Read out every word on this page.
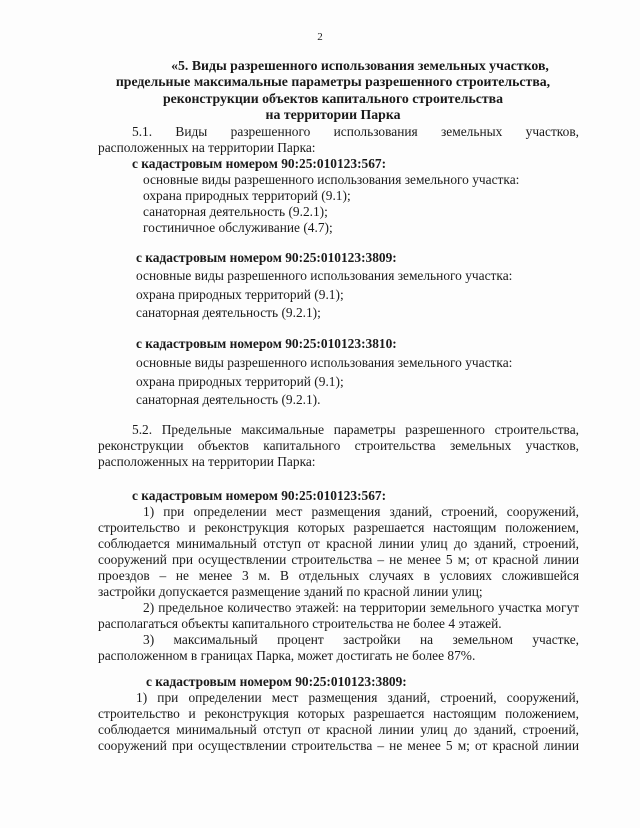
2
«5. Виды разрешенного использования земельных участков,
предельные максимальные параметры разрешенного строительства,
реконструкции объектов капитального строительства
на территории Парка
5.1. Виды разрешенного использования земельных участков,
расположенных на территории Парка:
с кадастровым номером 90:25:010123:567:
основные виды разрешенного использования земельного участка:
охрана природных территорий (9.1);
санаторная деятельность (9.2.1);
гостиничное обслуживание (4.7);
с кадастровым номером 90:25:010123:3809:
основные виды разрешенного использования земельного участка:
охрана природных территорий (9.1);
санаторная деятельность (9.2.1);
с кадастровым номером 90:25:010123:3810:
основные виды разрешенного использования земельного участка:
охрана природных территорий (9.1);
санаторная деятельность (9.2.1).
5.2. Предельные максимальные параметры разрешенного строительства,
реконструкции объектов капитального строительства земельных участков,
расположенных на территории Парка:
с кадастровым номером 90:25:010123:567:
1) при определении мест размещения зданий, строений, сооружений,
строительство и реконструкция которых разрешается настоящим положением,
соблюдается минимальный отступ от красной линии улиц до зданий, строений,
сооружений при осуществлении строительства – не менее 5 м; от красной линии
проездов – не менее 3 м. В отдельных случаях в условиях сложившейся
застройки допускается размещение зданий по красной линии улиц;
2) предельное количество этажей: на территории земельного участка могут
располагаться объекты капитального строительства не более 4 этажей.
3) максимальный процент застройки на земельном участке,
расположенном в границах Парка, может достигать не более 87%.
с кадастровым номером 90:25:010123:3809:
1) при определении мест размещения зданий, строений, сооружений,
строительство и реконструкция которых разрешается настоящим положением,
соблюдается минимальный отступ от красной линии улиц до зданий, строений,
сооружений при осуществлении строительства – не менее 5 м; от красной линии
